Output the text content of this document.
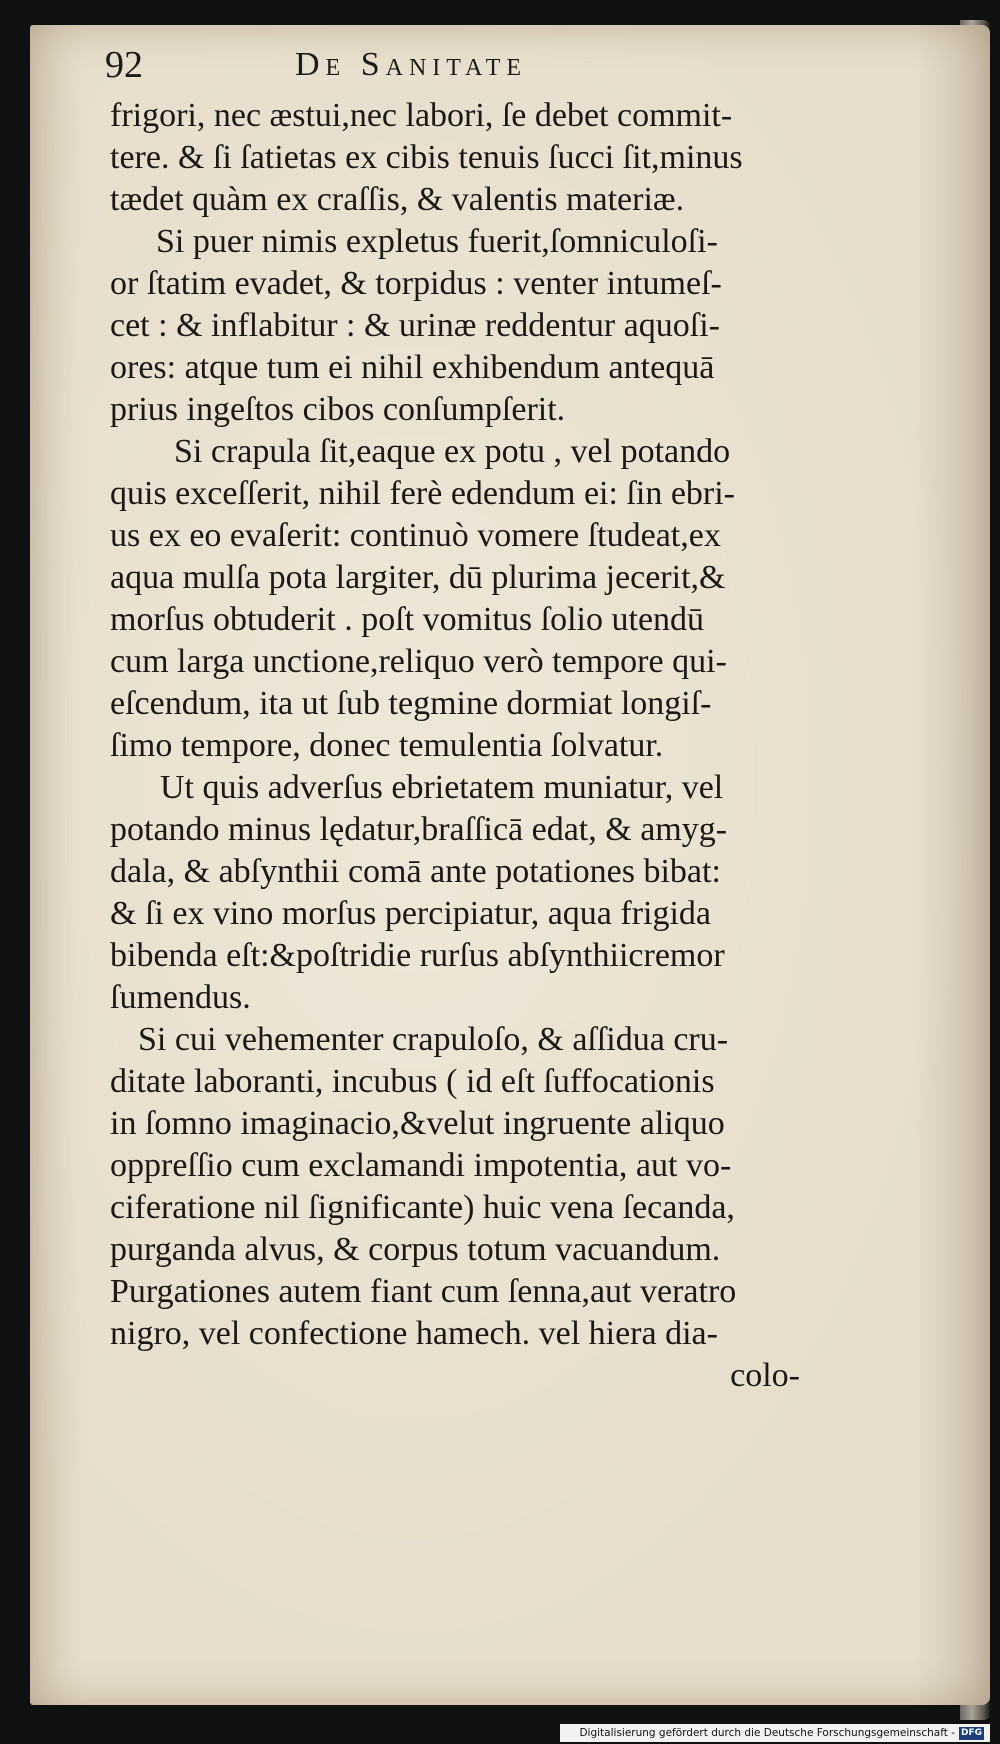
92	De Sanitate
frigori, nec æstui,nec labori, ſe debet commit-
tere. & ſi ſatietas ex cibis tenuis ſucci ſit,minus
tædet quàm ex craſſis, & valentis materiæ.
Si puer nimis expletus fuerit,ſomniculoſi-
or ſtatim evadet, & torpidus : venter intumeſ-
cet : & inflabitur : & urinæ reddentur aquoſi-
ores: atque tum ei nihil exhibendum antequā
prius ingeſtos cibos conſumpſerit.
Si crapula ſit,eaque ex potu , vel potando
quis exceſſerit, nihil ferè edendum ei: ſin ebri-
us ex eo evaſerit: continuò vomere ſtudeat,ex
aqua mulſa pota largiter, dū plurima jecerit,&
morſus obtuderit . poſt vomitus ſolio utendū
cum larga unctione,reliquo verò tempore qui-
eſcendum, ita ut ſub tegmine dormiat longiſ-
ſimo tempore, donec temulentia ſolvatur.
Ut quis adverſus ebrietatem muniatur, vel
potando minus lędatur,braſſicā edat, & amyg-
dala, & abſynthii comā ante potationes bibat:
& ſi ex vino morſus percipiatur, aqua frigida
bibenda eſt:&poſtridie rurſus abſynthiicremor
ſumendus.
Si cui vehementer crapuloſo, & aſſidua cru-
ditate laboranti, incubus ( id eſt ſuffocationis
in ſomno imaginacio,&velut ingruente aliquo
oppreſſio cum exclamandi impotentia, aut vo-
ciferatione nil ſignificante) huic vena ſecanda,
purganda alvus, & corpus totum vacuandum.
Purgationes autem fiant cum ſenna,aut veratro
nigro, vel confectione hamech. vel hiera dia-
colo-
Digitalisierung gefördert durch die Deutsche Forschungsgemeinschaft - DFG
